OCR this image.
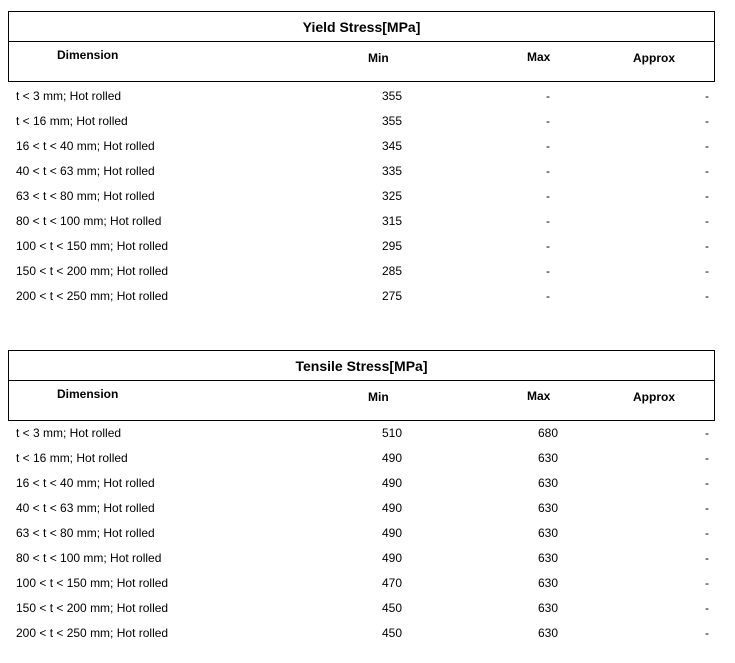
Yield Stress[MPa]
Dimension	Min	Max	Approx
t < 3 mm; Hot rolled	355	-	-
t < 16 mm; Hot rolled	355	-	-
16 < t < 40 mm; Hot rolled	345	-	-
40 < t < 63 mm; Hot rolled	335	-	-
63 < t < 80 mm; Hot rolled	325	-	-
80 < t < 100 mm; Hot rolled	315	-	-
100 < t < 150 mm; Hot rolled	295	-	-
150 < t < 200 mm; Hot rolled	285	-	-
200 < t < 250 mm; Hot rolled	275	-	-
Tensile Stress[MPa]
Dimension	Min	Max	Approx
t < 3 mm; Hot rolled	510	680	-
t < 16 mm; Hot rolled	490	630	-
16 < t < 40 mm; Hot rolled	490	630	-
40 < t < 63 mm; Hot rolled	490	630	-
63 < t < 80 mm; Hot rolled	490	630	-
80 < t < 100 mm; Hot rolled	490	630	-
100 < t < 150 mm; Hot rolled	470	630	-
150 < t < 200 mm; Hot rolled	450	630	-
200 < t < 250 mm; Hot rolled	450	630	-
